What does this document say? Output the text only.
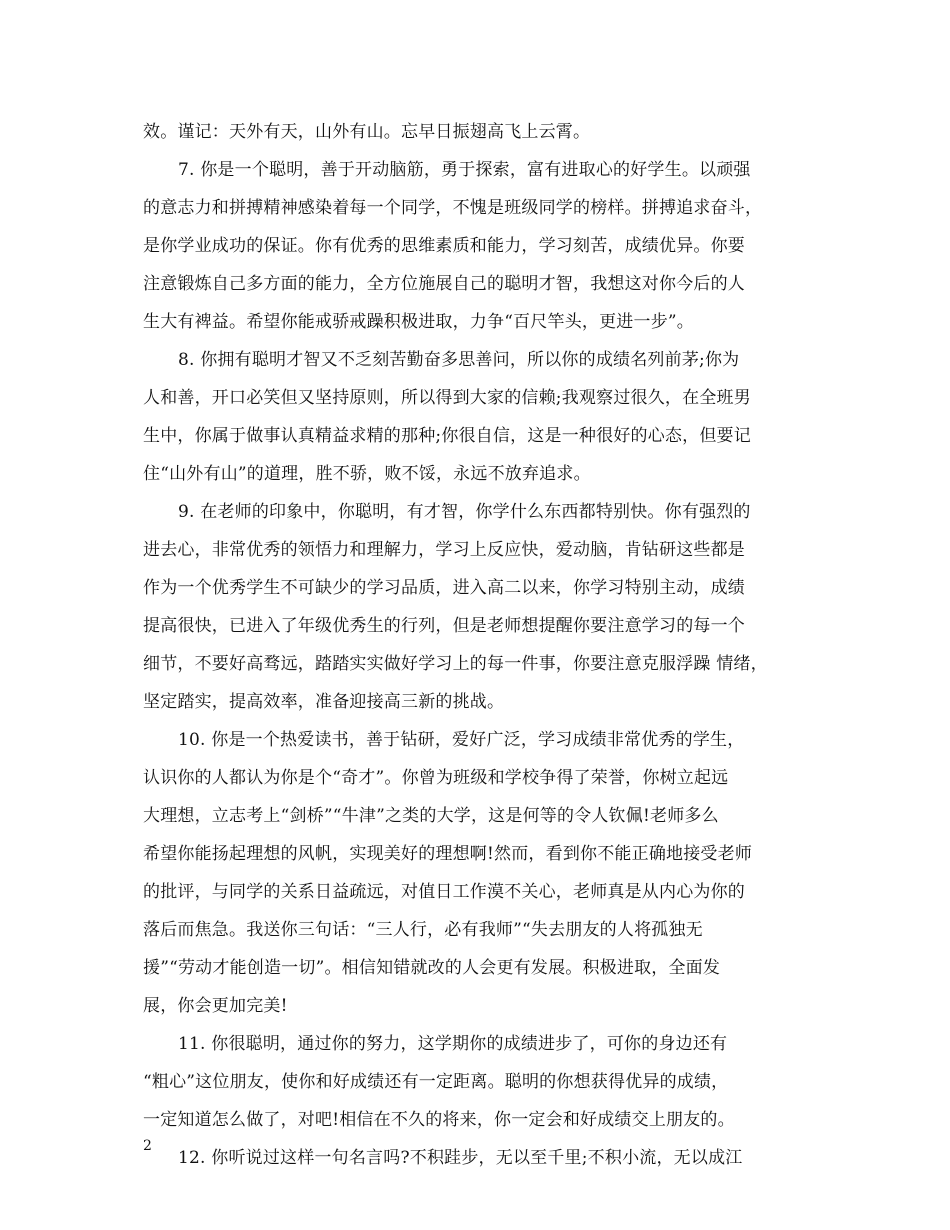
效。谨记：天外有天，山外有山。忘早日振翅高飞上云霄。
7. 你是一个聪明，善于开动脑筋，勇于探索，富有进取心的好学生。以顽强
的意志力和拼搏精神感染着每一个同学，不愧是班级同学的榜样。拼搏追求奋斗，
是你学业成功的保证。你有优秀的思维素质和能力，学习刻苦，成绩优异。你要
注意锻炼自己多方面的能力，全方位施展自己的聪明才智，我想这对你今后的人
生大有裨益。希望你能戒骄戒躁积极进取，力争“百尺竿头，更进一步”。
8. 你拥有聪明才智又不乏刻苦勤奋多思善问，所以你的成绩名列前茅;你为
人和善，开口必笑但又坚持原则，所以得到大家的信赖;我观察过很久，在全班男
生中，你属于做事认真精益求精的那种;你很自信，这是一种很好的心态，但要记
住“山外有山”的道理，胜不骄，败不馁，永远不放弃追求。
9. 在老师的印象中，你聪明，有才智，你学什么东西都特别快。你有强烈的
进去心，非常优秀的领悟力和理解力，学习上反应快，爱动脑，肯钻研这些都是
作为一个优秀学生不可缺少的学习品质，进入高二以来，你学习特别主动，成绩
提高很快，已进入了年级优秀生的行列，但是老师想提醒你要注意学习的每一个
细节，不要好高骛远，踏踏实实做好学习上的每一件事，你要注意克服浮躁 情绪，
坚定踏实，提高效率，准备迎接高三新的挑战。
10. 你是一个热爱读书，善于钻研，爱好广泛，学习成绩非常优秀的学生，
认识你的人都认为你是个“奇才”。你曾为班级和学校争得了荣誉，你树立起远
大理想，立志考上“剑桥”“牛津”之类的大学，这是何等的令人钦佩!老师多么
希望你能扬起理想的风帆，实现美好的理想啊!然而，看到你不能正确地接受老师
的批评，与同学的关系日益疏远，对值日工作漠不关心，老师真是从内心为你的
落后而焦急。我送你三句话：“三人行，必有我师”“失去朋友的人将孤独无
援”“劳动才能创造一切”。相信知错就改的人会更有发展。积极进取，全面发
展，你会更加完美!
11. 你很聪明，通过你的努力，这学期你的成绩进步了，可你的身边还有
“粗心”这位朋友，使你和好成绩还有一定距离。聪明的你想获得优异的成绩，
一定知道怎么做了，对吧!相信在不久的将来，你一定会和好成绩交上朋友的。
12. 你听说过这样一句名言吗?不积跬步，无以至千里;不积小流，无以成江
2
